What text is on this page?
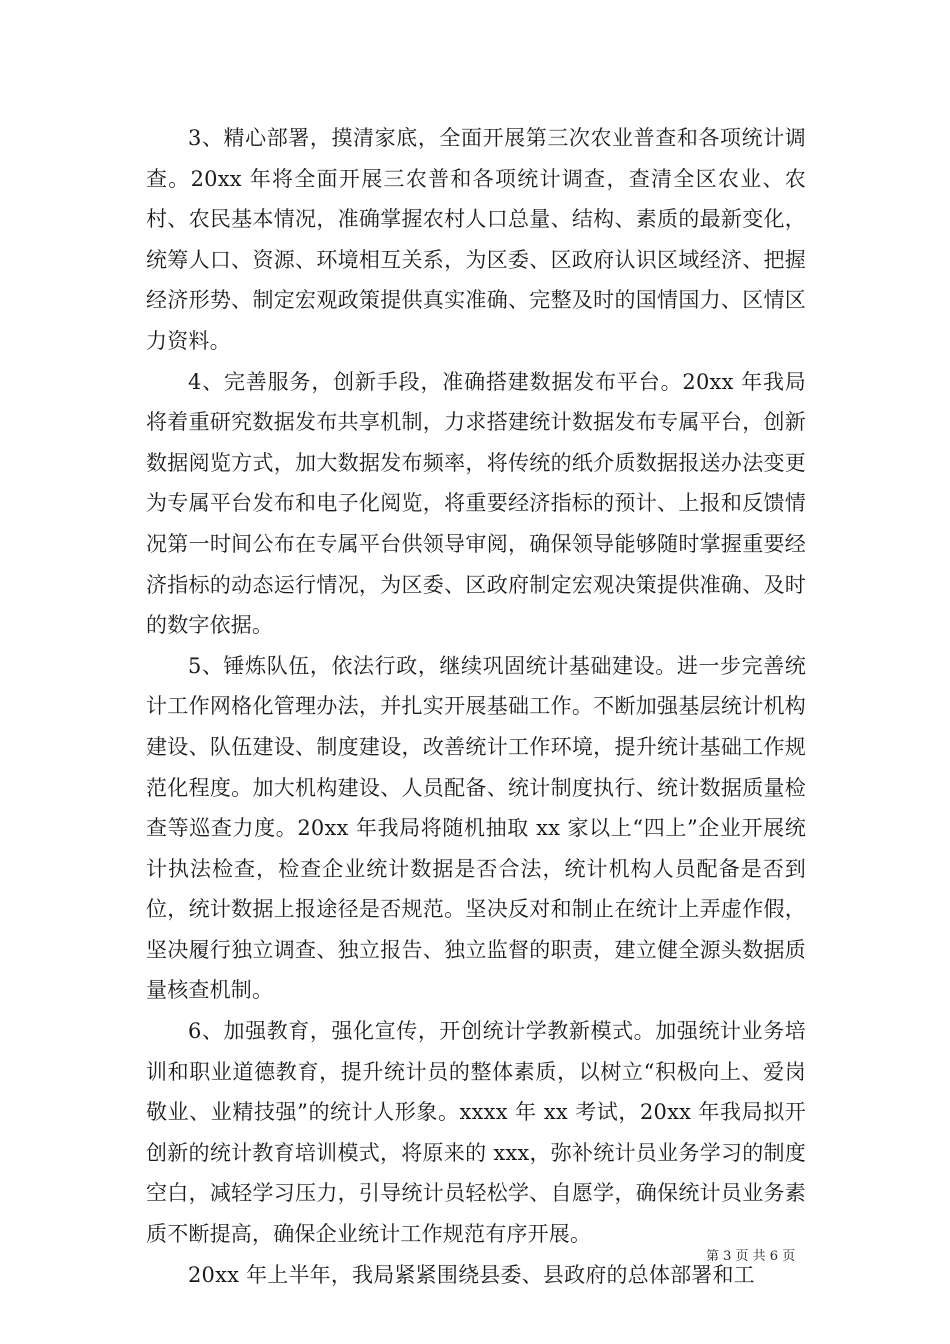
3、精心部署，摸清家底，全面开展第三次农业普查和各项统计调查。20xx 年将全面开展三农普和各项统计调查，查清全区农业、农村、农民基本情况，准确掌握农村人口总量、结构、素质的最新变化，统筹人口、资源、环境相互关系，为区委、区政府认识区域经济、把握经济形势、制定宏观政策提供真实准确、完整及时的国情国力、区情区力资料。

4、完善服务，创新手段，准确搭建数据发布平台。20xx 年我局将着重研究数据发布共享机制，力求搭建统计数据发布专属平台，创新数据阅览方式，加大数据发布频率，将传统的纸介质数据报送办法变更为专属平台发布和电子化阅览，将重要经济指标的预计、上报和反馈情况第一时间公布在专属平台供领导审阅，确保领导能够随时掌握重要经济指标的动态运行情况，为区委、区政府制定宏观决策提供准确、及时的数字依据。

5、锤炼队伍，依法行政，继续巩固统计基础建设。进一步完善统计工作网格化管理办法，并扎实开展基础工作。不断加强基层统计机构建设、队伍建设、制度建设，改善统计工作环境，提升统计基础工作规范化程度。加大机构建设、人员配备、统计制度执行、统计数据质量检查等巡查力度。20xx 年我局将随机抽取 xx 家以上“四上”企业开展统计执法检查，检查企业统计数据是否合法，统计机构人员配备是否到位，统计数据上报途径是否规范。坚决反对和制止在统计上弄虚作假，坚决履行独立调查、独立报告、独立监督的职责，建立健全源头数据质量核查机制。

6、加强教育，强化宣传，开创统计学教新模式。加强统计业务培训和职业道德教育，提升统计员的整体素质，以树立“积极向上、爱岗敬业、业精技强”的统计人形象。xxxx 年 xx 考试，20xx 年我局拟开创新的统计教育培训模式，将原来的 xxx，弥补统计员业务学习的制度空白，减轻学习压力，引导统计员轻松学、自愿学，确保统计员业务素质不断提高，确保企业统计工作规范有序开展。

20xx 年上半年，我局紧紧围绕县委、县政府的总体部署和工

第 3 页 共 6 页
